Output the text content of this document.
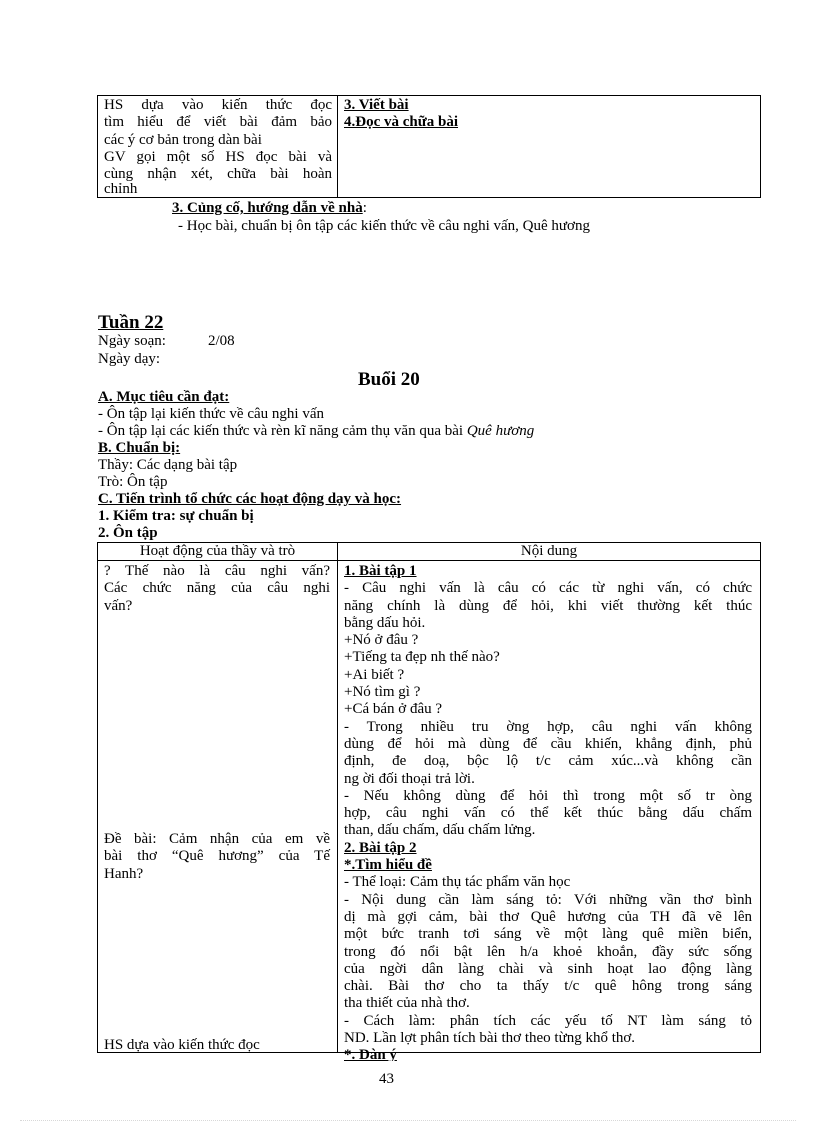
HS dựa vào kiến thức đọc
tìm hiểu để viết bài đảm bảo
các ý cơ bản trong dàn bài
GV gọi một số HS đọc bài và
cùng nhận xét, chữa bài hoàn
chỉnh
3. Viết bài
4.Đọc và chữa bài
3. Củng cố, hướng dẫn về nhà:
- Học bài, chuẩn bị ôn tập các kiến thức về câu nghi vấn, Quê hương
Tuần 22
Ngày soạn:	2/08
Ngày dạy:
Buổi 20
A. Mục tiêu cần đạt:
- Ôn tập lại kiến thức về câu nghi vấn
- Ôn tập lại các kiến thức và rèn kĩ năng cảm thụ văn qua bài Quê hương
B. Chuẩn bị:
Thầy: Các dạng bài tập
Trò: Ôn tập
C. Tiến trình tổ chức các hoạt động dạy và học:
1. Kiểm tra: sự chuẩn bị
2. Ôn tập
Hoạt động của thầy và trò	Nội dung
? Thế nào là câu nghi vấn?
Các chức năng của câu nghi
vấn?
Đề bài: Cảm nhận của em về
bài thơ “Quê hương” của Tế
Hanh?
HS dựa vào kiến thức đọc
1. Bài tập 1
- Câu nghi vấn là câu có các từ nghi vấn, có chức
năng chính là dùng để hỏi, khi viết thường kết thúc
bằng dấu hỏi.
+Nó ở đâu ?
+Tiếng ta đẹp nh thế nào?
+Ai biết ?
+Nó tìm gì ?
+Cá bán ở đâu ?
- Trong nhiều tru ờng hợp, câu nghi vấn không
dùng để hỏi mà dùng để cầu khiến, khẳng định, phủ
định, đe doạ, bộc lộ t/c cảm xúc...và không cần
ng ời đối thoại trả lời.
- Nếu không dùng để hỏi thì trong một số tr òng
hợp, câu nghi vấn có thể kết thúc bằng dấu chấm
than, dấu chấm, dấu chấm lửng.
2. Bài tập 2
*.Tìm hiểu đề
- Thể loại: Cảm thụ tác phẩm văn học
- Nội dung cần làm sáng tỏ: Với những vần thơ bình
dị mà gợi cảm, bài thơ Quê hương của TH đã vẽ lên
một bức tranh tơi sáng về một làng quê miền biển,
trong đó nổi bật lên h/a khoẻ khoắn, đầy sức sống
của ngời dân làng chài và sinh hoạt lao động làng
chài. Bài thơ cho ta thấy t/c quê hông trong sáng
tha thiết của nhà thơ.
- Cách làm: phân tích các yếu tố NT làm sáng tỏ
ND. Lần lợt phân tích bài thơ theo từng khổ thơ.
*. Dàn ý
43
